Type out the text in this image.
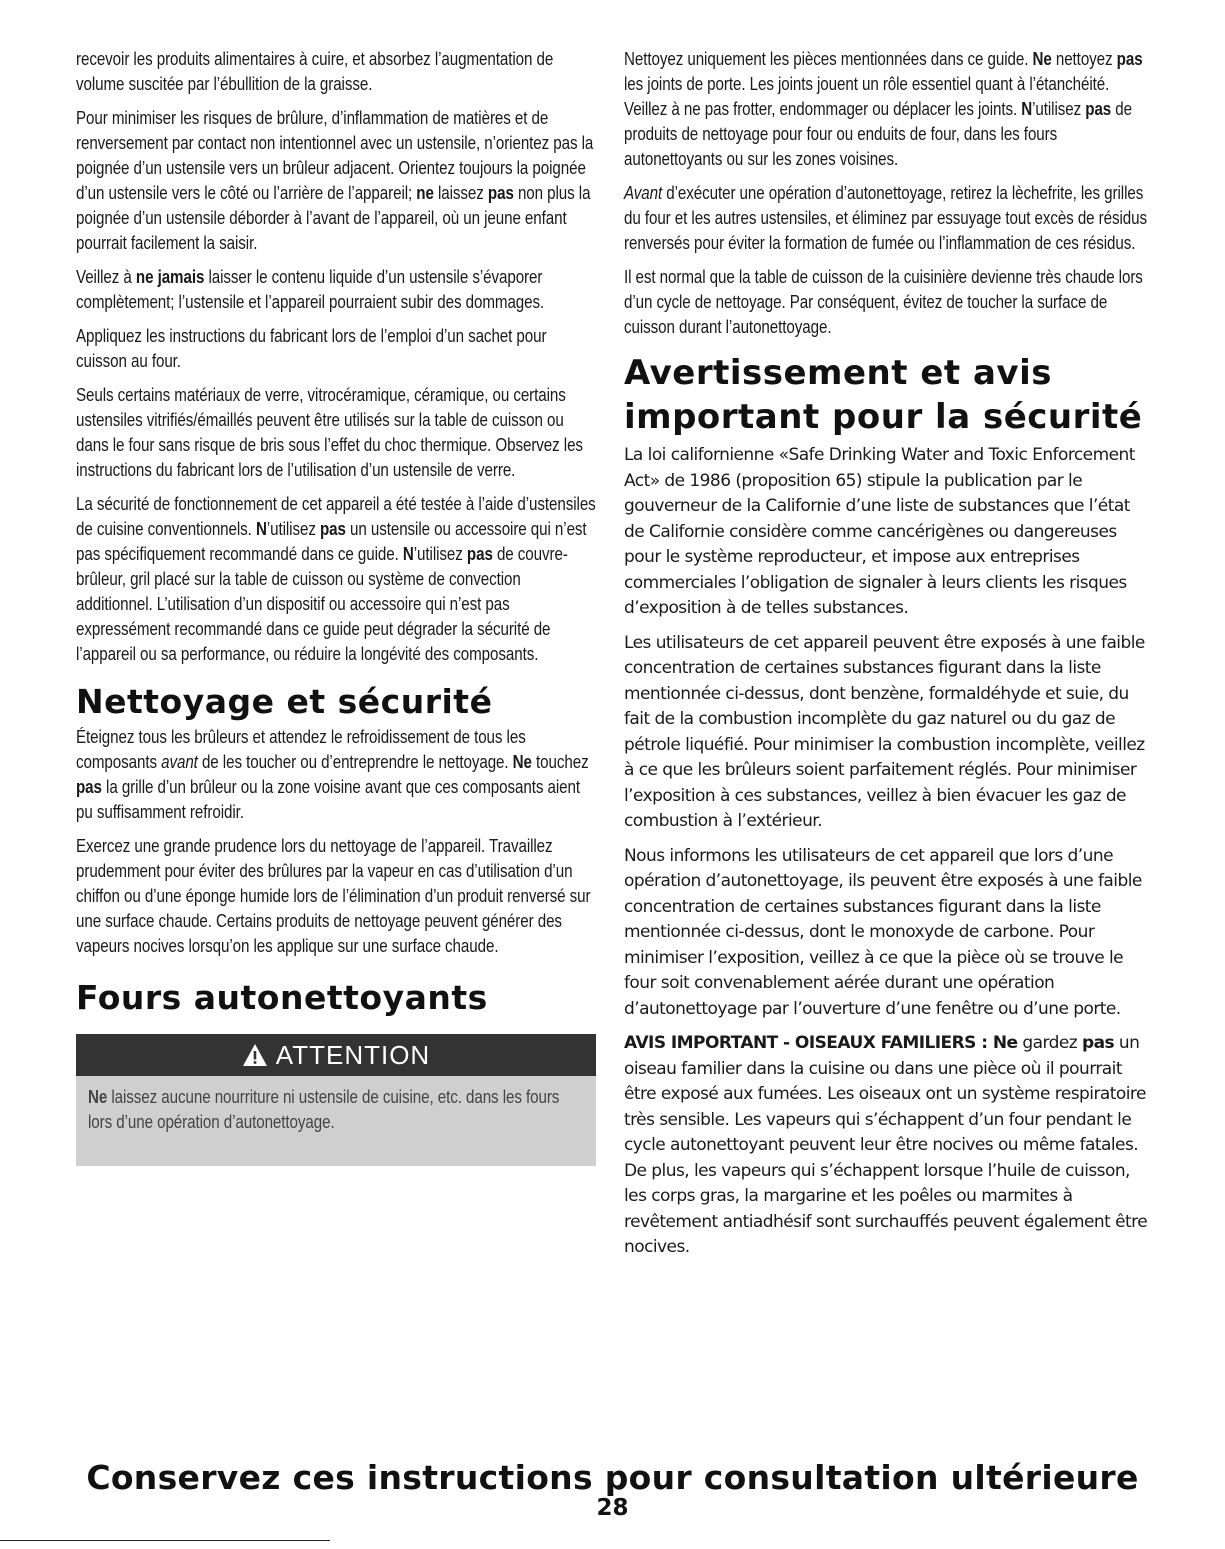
recevoir les produits alimentaires à cuire, et absorbez l’augmentation de volume suscitée par l’ébullition de la graisse.

Pour minimiser les risques de brûlure, d’inflammation de matières et de renversement par contact non intentionnel avec un ustensile, n’orientez pas la poignée d’un ustensile vers un brûleur adjacent. Orientez toujours la poignée d’un ustensile vers le côté ou l’arrière de l’appareil; ne laissez pas non plus la poignée d’un ustensile déborder à l’avant de l’appareil, où un jeune enfant pourrait facilement la saisir.

Veillez à ne jamais laisser le contenu liquide d’un ustensile s’évaporer complètement; l’ustensile et l’appareil pourraient subir des dommages.

Appliquez les instructions du fabricant lors de l’emploi d’un sachet pour cuisson au four.

Seuls certains matériaux de verre, vitrocéramique, céramique, ou certains ustensiles vitrifiés/émaillés peuvent être utilisés sur la table de cuisson ou dans le four sans risque de bris sous l’effet du choc thermique. Observez les instructions du fabricant lors de l’utilisation d’un ustensile de verre.

La sécurité de fonctionnement de cet appareil a été testée à l’aide d’ustensiles de cuisine conventionnels. N’utilisez pas un ustensile ou accessoire qui n’est pas spécifiquement recommandé dans ce guide. N’utilisez pas de couvre-brûleur, gril placé sur la table de cuisson ou système de convection additionnel. L’utilisation d’un dispositif ou accessoire qui n’est pas expressément recommandé dans ce guide peut dégrader la sécurité de l’appareil ou sa performance, ou réduire la longévité des composants.

Nettoyage et sécurité

Éteignez tous les brûleurs et attendez le refroidissement de tous les composants avant de les toucher ou d’entreprendre le nettoyage. Ne touchez pas la grille d’un brûleur ou la zone voisine avant que ces composants aient pu suffisamment refroidir.

Exercez une grande prudence lors du nettoyage de l’appareil. Travaillez prudemment pour éviter des brûlures par la vapeur en cas d’utilisation d’un chiffon ou d’une éponge humide lors de l’élimination d’un produit renversé sur une surface chaude. Certains produits de nettoyage peuvent générer des vapeurs nocives lorsqu’on les applique sur une surface chaude.

Fours autonettoyants
ATTENTION

Ne laissez aucune nourriture ni ustensile de cuisine, etc. dans les fours lors d’une opération d’autonettoyage.

Nettoyez uniquement les pièces mentionnées dans ce guide. Ne nettoyez pas les joints de porte. Les joints jouent un rôle essentiel quant à l’étanchéité. Veillez à ne pas frotter, endommager ou déplacer les joints. N’utilisez pas de produits de nettoyage pour four ou enduits de four, dans les fours autonettoyants ou sur les zones voisines.

Avant d’exécuter une opération d’autonettoyage, retirez la lèchefrite, les grilles du four et les autres ustensiles, et éliminez par essuyage tout excès de résidus renversés pour éviter la formation de fumée ou l’inflammation de ces résidus.

Il est normal que la table de cuisson de la cuisinière devienne très chaude lors d’un cycle de nettoyage. Par conséquent, évitez de toucher la surface de cuisson durant l’autonettoyage.

Avertissement et avis important pour la sécurité

La loi californienne «Safe Drinking Water and Toxic Enforcement Act» de 1986 (proposition 65) stipule la publication par le gouverneur de la Californie d’une liste de substances que l’état de Californie considère comme cancérigènes ou dangereuses pour le système reproducteur, et impose aux entreprises commerciales l’obligation de signaler à leurs clients les risques d’exposition à de telles substances.

Les utilisateurs de cet appareil peuvent être exposés à une faible concentration de certaines substances figurant dans la liste mentionnée ci-dessus, dont benzène, formaldéhyde et suie, du fait de la combustion incomplète du gaz naturel ou du gaz de pétrole liquéfié. Pour minimiser la combustion incomplète, veillez à ce que les brûleurs soient parfaitement réglés. Pour minimiser l’exposition à ces substances, veillez à bien évacuer les gaz de combustion à l’extérieur.

Nous informons les utilisateurs de cet appareil que lors d’une opération d’autonettoyage, ils peuvent être exposés à une faible concentration de certaines substances figurant dans la liste mentionnée ci-dessus, dont le monoxyde de carbone. Pour minimiser l’exposition, veillez à ce que la pièce où se trouve le four soit convenablement aérée durant une opération d’autonettoyage par l’ouverture d’une fenêtre ou d’une porte.

AVIS IMPORTANT - OISEAUX FAMILIERS : Ne gardez pas un oiseau familier dans la cuisine ou dans une pièce où il pourrait être exposé aux fumées. Les oiseaux ont un système respiratoire très sensible. Les vapeurs qui s’échappent d’un four pendant le cycle autonettoyant peuvent leur être nocives ou même fatales. De plus, les vapeurs qui s’échappent lorsque l’huile de cuisson, les corps gras, la margarine et les poêles ou marmites à revêtement antiadhésif sont surchauffés peuvent également être nocives.

Conservez ces instructions pour consultation ultérieure
28
